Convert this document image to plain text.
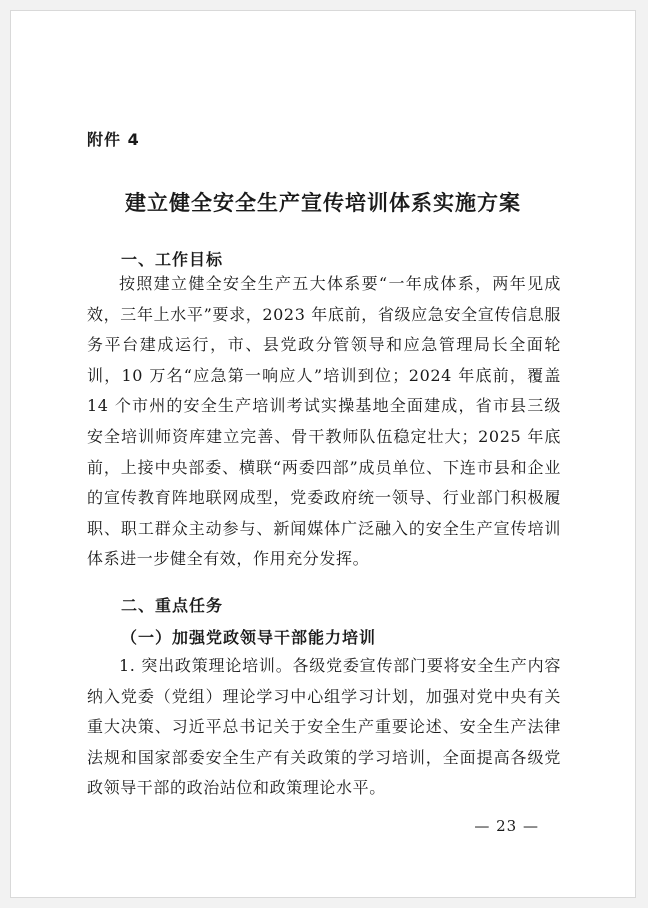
附件 4
建立健全安全生产宣传培训体系实施方案
一、工作目标

按照建立健全安全生产五大体系要“一年成体系，两年见成效，三年上水平”要求，2023 年底前，省级应急安全宣传信息服务平台建成运行，市、县党政分管领导和应急管理局长全面轮训，10 万名“应急第一响应人”培训到位；2024 年底前，覆盖 14 个市州的安全生产培训考试实操基地全面建成，省市县三级安全培训师资库建立完善、骨干教师队伍稳定壮大；2025 年底前，上接中央部委、横联“两委四部”成员单位、下连市县和企业的宣传教育阵地联网成型，党委政府统一领导、行业部门积极履职、职工群众主动参与、新闻媒体广泛融入的安全生产宣传培训体系进一步健全有效，作用充分发挥。

二、重点任务
（一）加强党政领导干部能力培训

1. 突出政策理论培训。各级党委宣传部门要将安全生产内容纳入党委（党组）理论学习中心组学习计划，加强对党中央有关重大决策、习近平总书记关于安全生产重要论述、安全生产法律法规和国家部委安全生产有关政策的学习培训，全面提高各级党政领导干部的政治站位和政策理论水平。

— 23 —
